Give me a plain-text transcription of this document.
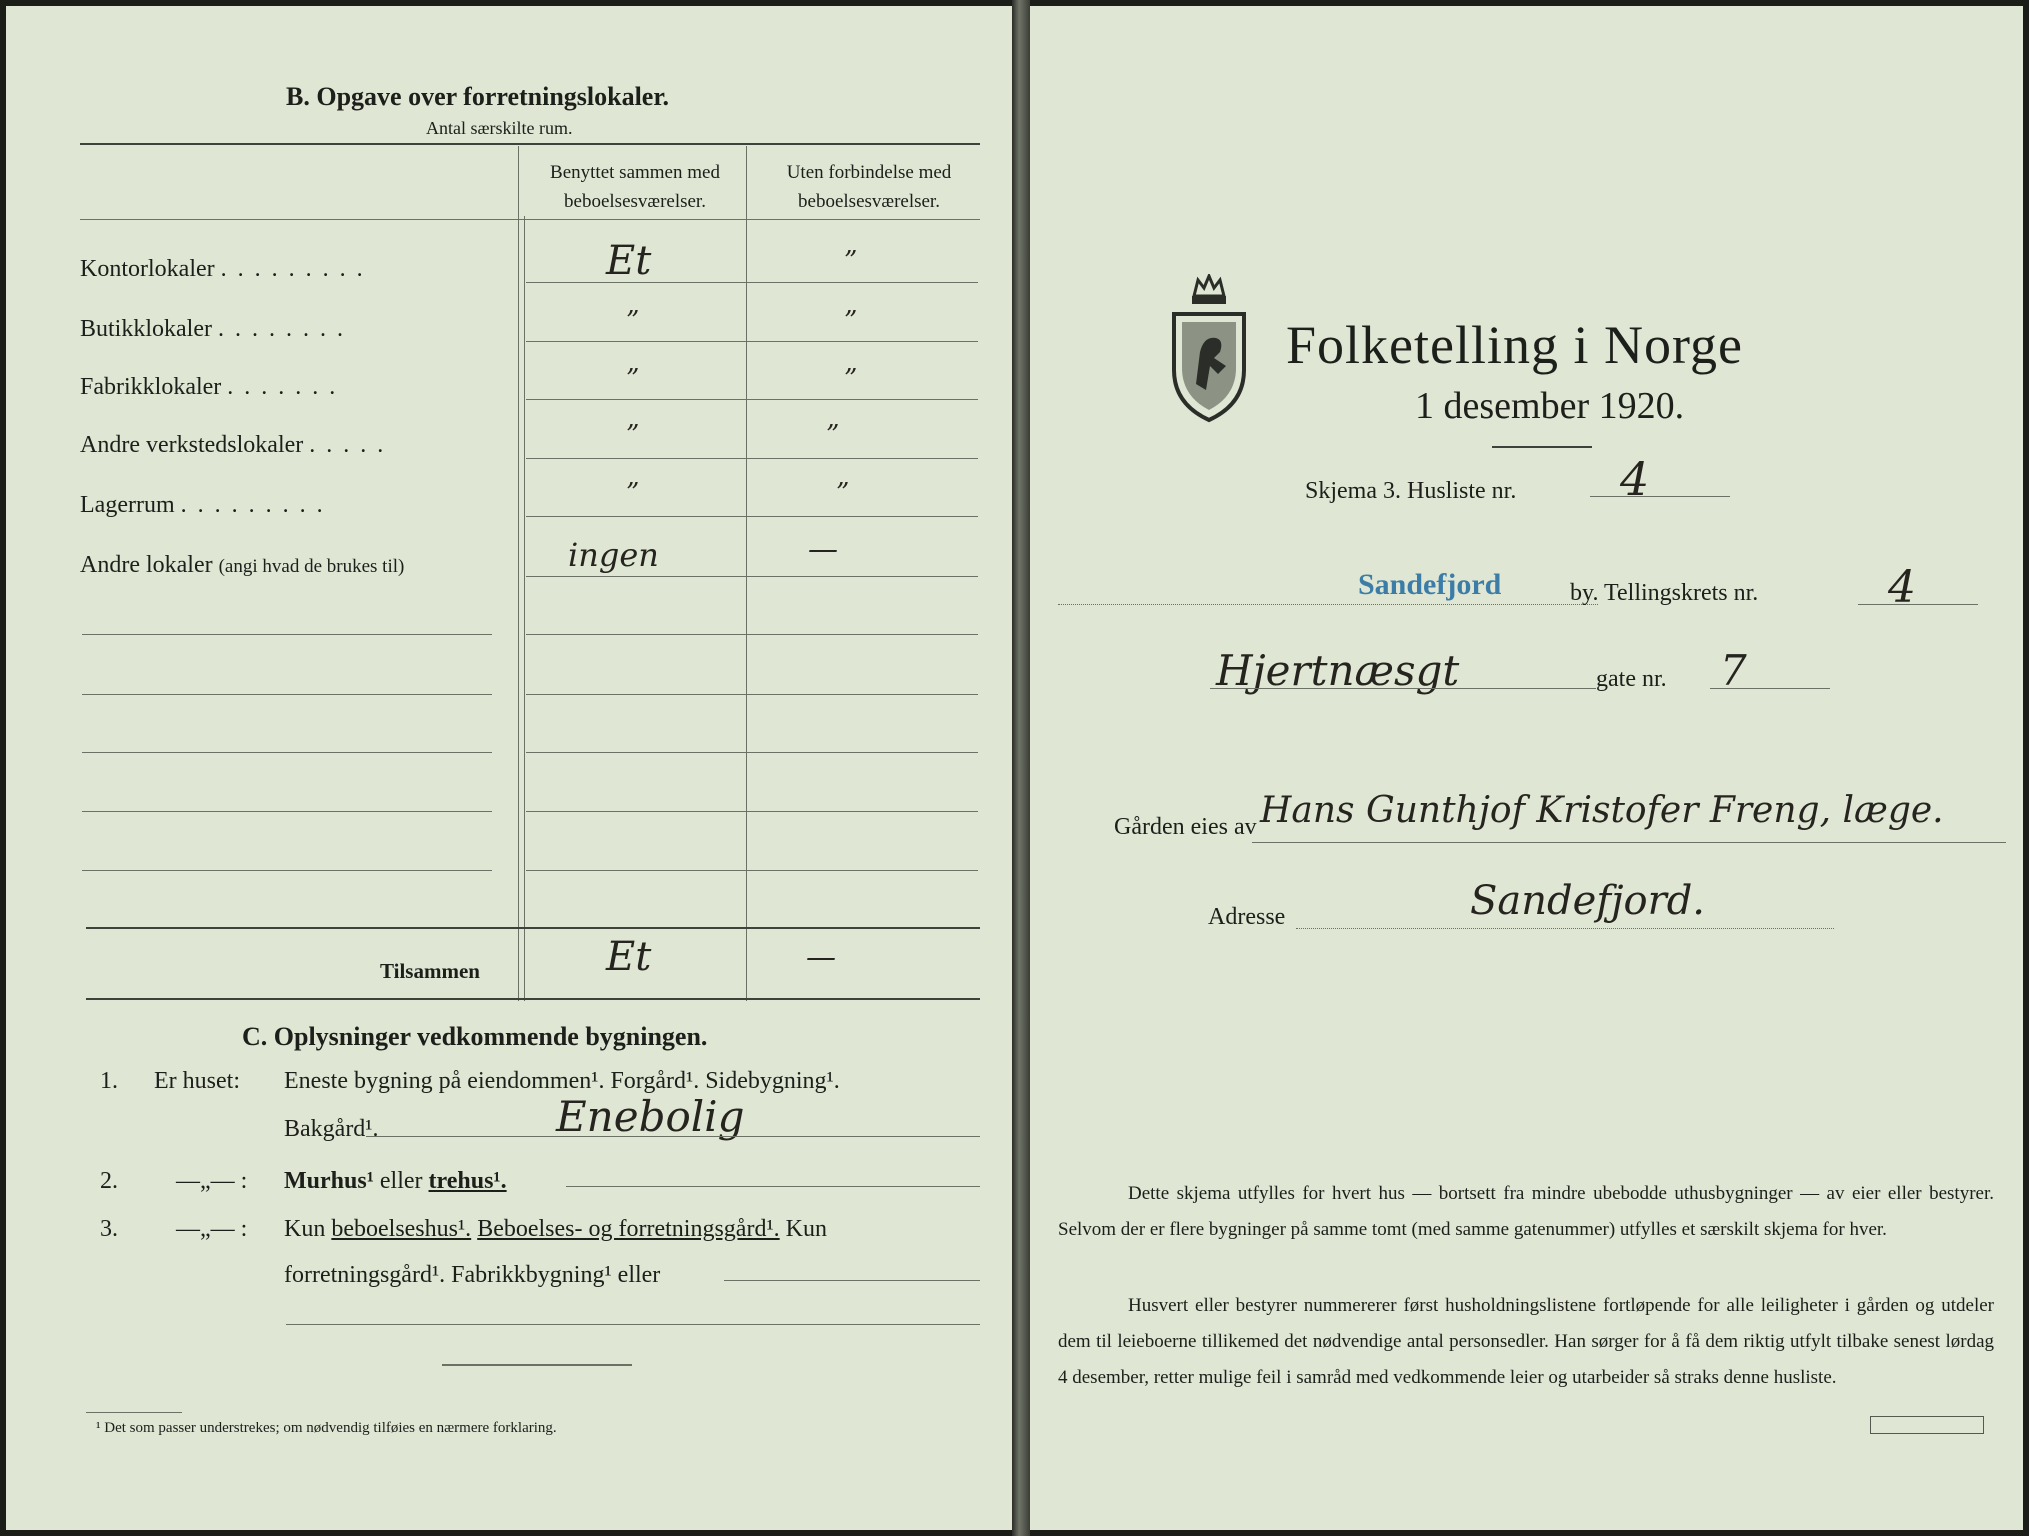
B. Opgave over forretningslokaler.
Antal særskilte rum.
Benyttet sammen med beboelsesværelser.
Uten forbindelse med beboelsesværelser.
Kontorlokaler .........	Et	”
Butikklokaler ........	”	”
Fabrikklokaler .......	”	”
Andre verkstedslokaler .....	”	”
Lagerrum .........	”	”
Andre lokaler (angi hvad de brukes til)	ingen	—
Tilsammen	Et	—
C. Oplysninger vedkommende bygningen.
1. Er huset: Eneste bygning på eiendommen¹. Forgård¹. Sidebygning¹.
Bakgård¹.	Enebolig
2. —„— : Murhus¹ eller trehus¹.
3. —„— : Kun beboelseshus¹. Beboelses- og forretningsgård¹. Kun
forretningsgård¹. Fabrikkbygning¹ eller
¹ Det som passer understrekes; om nødvendig tilføies en nærmere forklaring.
Folketelling i Norge
1 desember 1920.
Skjema 3. Husliste nr. 4
Sandefjord	by. Tellingskrets nr.	4
Hjertnæsgt	gate nr. 7
Gården eies av Hans Gunthjof Kristofer Freng, læge.
Adresse	Sandefjord.
Dette skjema utfylles for hvert hus — bortsett fra mindre ubebodde uthusbygninger — av eier eller bestyrer. Selvom der er flere bygninger på samme tomt (med samme gatenummer) utfylles et særskilt skjema for hver.
Husvert eller bestyrer nummererer først husholdningslistene fortløpende for alle leiligheter i gården og utdeler dem til leieboerne tillikemed det nødvendige antal personsedler. Han sørger for å få dem riktig utfylt tilbake senest lørdag 4 desember, retter mulige feil i samråd med vedkommende leier og utarbeider så straks denne husliste.
